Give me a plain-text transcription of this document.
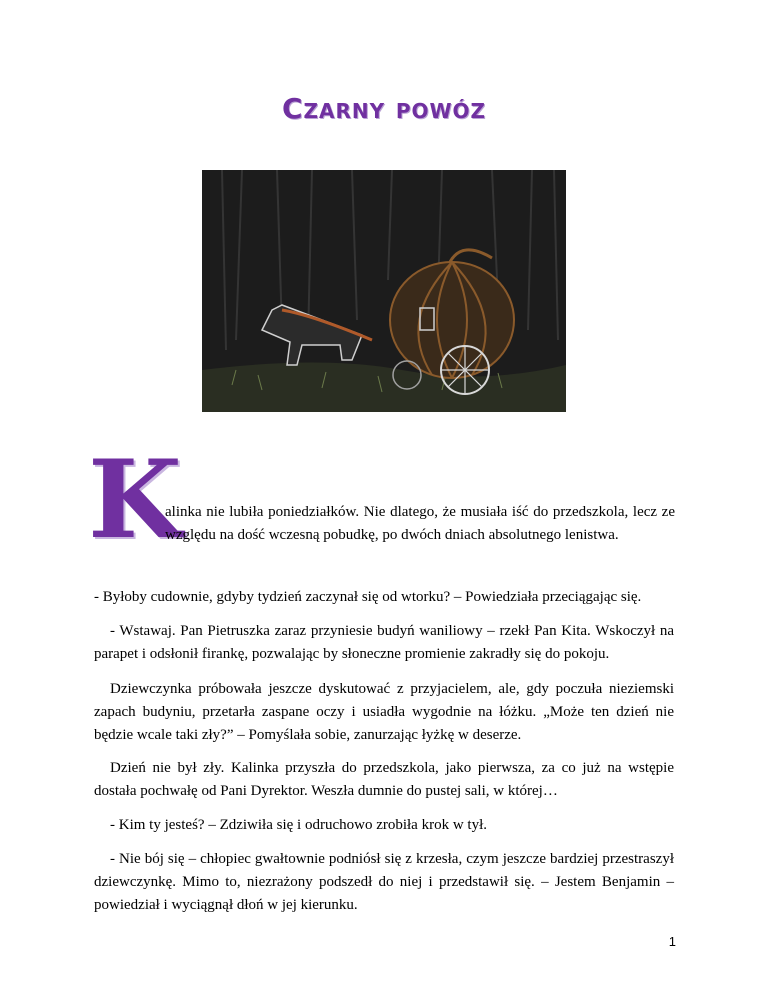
Czarny powóz
K

alinka nie lubiła poniedziałków. Nie dlatego, że musiała iść do przedszkola, lecz ze względu na dość wczesną pobudkę, po dwóch dniach absolutnego lenistwa.

- Byłoby cudownie, gdyby tydzień zaczynał się od wtorku? – Powiedziała przeciągając się.

- Wstawaj. Pan Pietruszka zaraz przyniesie budyń waniliowy – rzekł Pan Kita. Wskoczył na parapet i odsłonił firankę, pozwalając by słoneczne promienie zakradły się do pokoju.

Dziewczynka próbowała jeszcze dyskutować z przyjacielem, ale, gdy poczuła nieziemski zapach budyniu, przetarła zaspane oczy i usiadła wygodnie na łóżku. „Może ten dzień nie będzie wcale taki zły?” – Pomyślała sobie, zanurzając łyżkę w deserze.

Dzień nie był zły. Kalinka przyszła do przedszkola, jako pierwsza, za co już na wstępie dostała pochwałę od Pani Dyrektor. Weszła dumnie do pustej sali, w której…

- Kim ty jesteś? – Zdziwiła się i odruchowo zrobiła krok w tył.

- Nie bój się – chłopiec gwałtownie podniósł się z krzesła, czym jeszcze bardziej przestraszył dziewczynkę. Mimo to, niezrażony podszedł do niej i przedstawił się. – Jestem Benjamin – powiedział i wyciągnął dłoń w jej kierunku.

1
